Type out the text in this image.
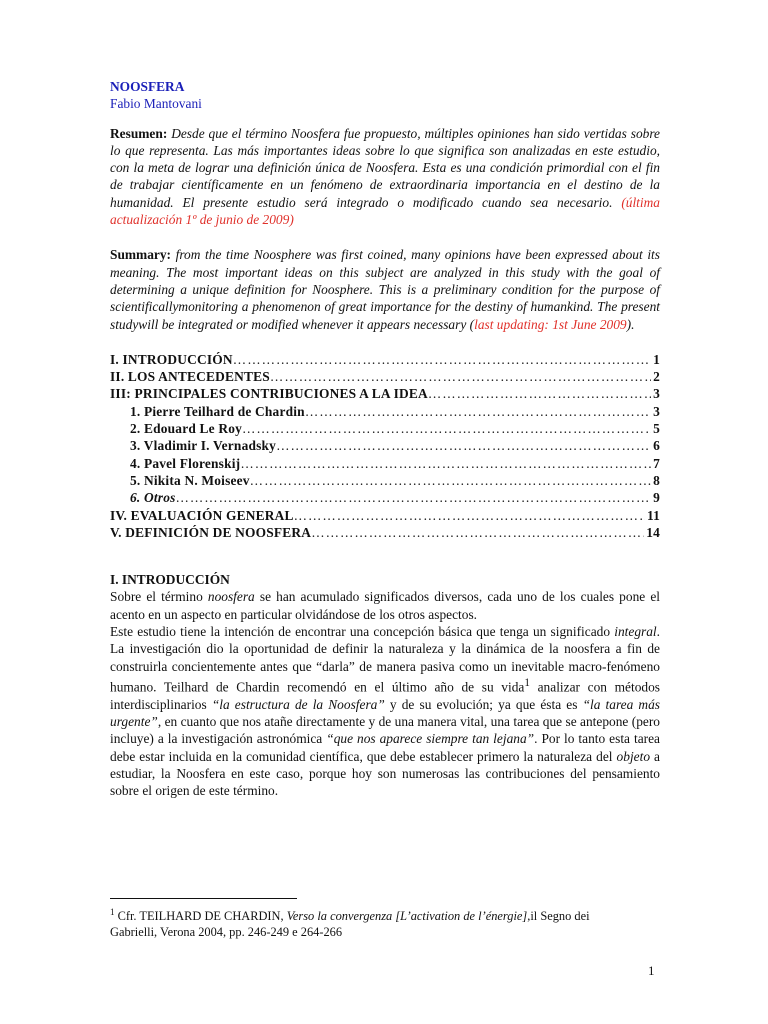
NOOSFERA

Fabio Mantovani

Resumen: Desde que el término Noosfera fue propuesto, múltiples opiniones han sido vertidas sobre lo que representa. Las más importantes ideas sobre lo que significa son analizadas en este estudio, con la meta de lograr una definición única de Noosfera. Esta es una condición primordial con el fin de trabajar científicamente en un fenómeno de extraordinaria importancia en el destino de la humanidad. El presente estudio será integrado o modificado cuando sea necesario. (última actualización 1º de junio de 2009)

Summary: from the time Noosphere was first coined, many opinions have been expressed about its meaning. The most important ideas on this subject are analyzed in this study with the goal of determining a unique definition for Noosphere. This is a preliminary condition for the purpose of scientificallymonitoring a phenomenon of great importance for the destiny of humankind. The present studywill be integrated or modified whenever it appears necessary (last updating: 1st June 2009).

I. INTRODUCCIÓN …………………………………………………………………………………………………………………………………………………	1
II. LOS ANTECEDENTES …………………………………………………………………………………………………………………………………………………	2
III: PRINCIPALES CONTRIBUCIONES A LA IDEA …………………………………………………………………………………………………………………………………………………	3
1. Pierre Teilhard de Chardin …………………………………………………………………………………………………………………………………………………	3
2. Edouard Le Roy …………………………………………………………………………………………………………………………………………………	5
3. Vladimir I. Vernadsky …………………………………………………………………………………………………………………………………………………	6
4. Pavel Florenskij …………………………………………………………………………………………………………………………………………………	7
5. Nikita N. Moiseev …………………………………………………………………………………………………………………………………………………	8
6. Otros …………………………………………………………………………………………………………………………………………………	9
IV. EVALUACIÓN GENERAL …………………………………………………………………………………………………………………………………………………	11
V. DEFINICIÓN DE NOOSFERA …………………………………………………………………………………………………………………………………………………	14

I. INTRODUCCIÓN

Sobre el término noosfera se han acumulado significados diversos, cada uno de los cuales pone el acento en un aspecto en particular olvidándose de los otros aspectos.

Este estudio tiene la intención de encontrar una concepción básica que tenga un significado integral. La investigación dio la oportunidad de definir la naturaleza y la dinámica de la noosfera a fin de construirla concientemente antes que “darla” de manera pasiva como un inevitable macro-fenómeno humano. Teilhard de Chardin recomendó en el último año de su vida$^1$ analizar con métodos interdisciplinarios “la estructura de la Noosfera” y de su evolución; ya que ésta es “la tarea más urgente”, en cuanto que nos atañe directamente y de una manera vital, una tarea que se antepone (pero incluye) a la investigación astronómica “que nos aparece siempre tan lejana”. Por lo tanto esta tarea debe estar incluida en la comunidad científica, que debe establecer primero la naturaleza del objeto a estudiar, la Noosfera en este caso, porque hoy son numerosas las contribuciones del pensamiento sobre el origen de este término.

$^1$ Cfr. TEILHARD DE CHARDIN, Verso la convergenza [L’activation de l’énergie],il Segno dei Gabrielli, Verona 2004, pp. 246-249 e 264-266
1
